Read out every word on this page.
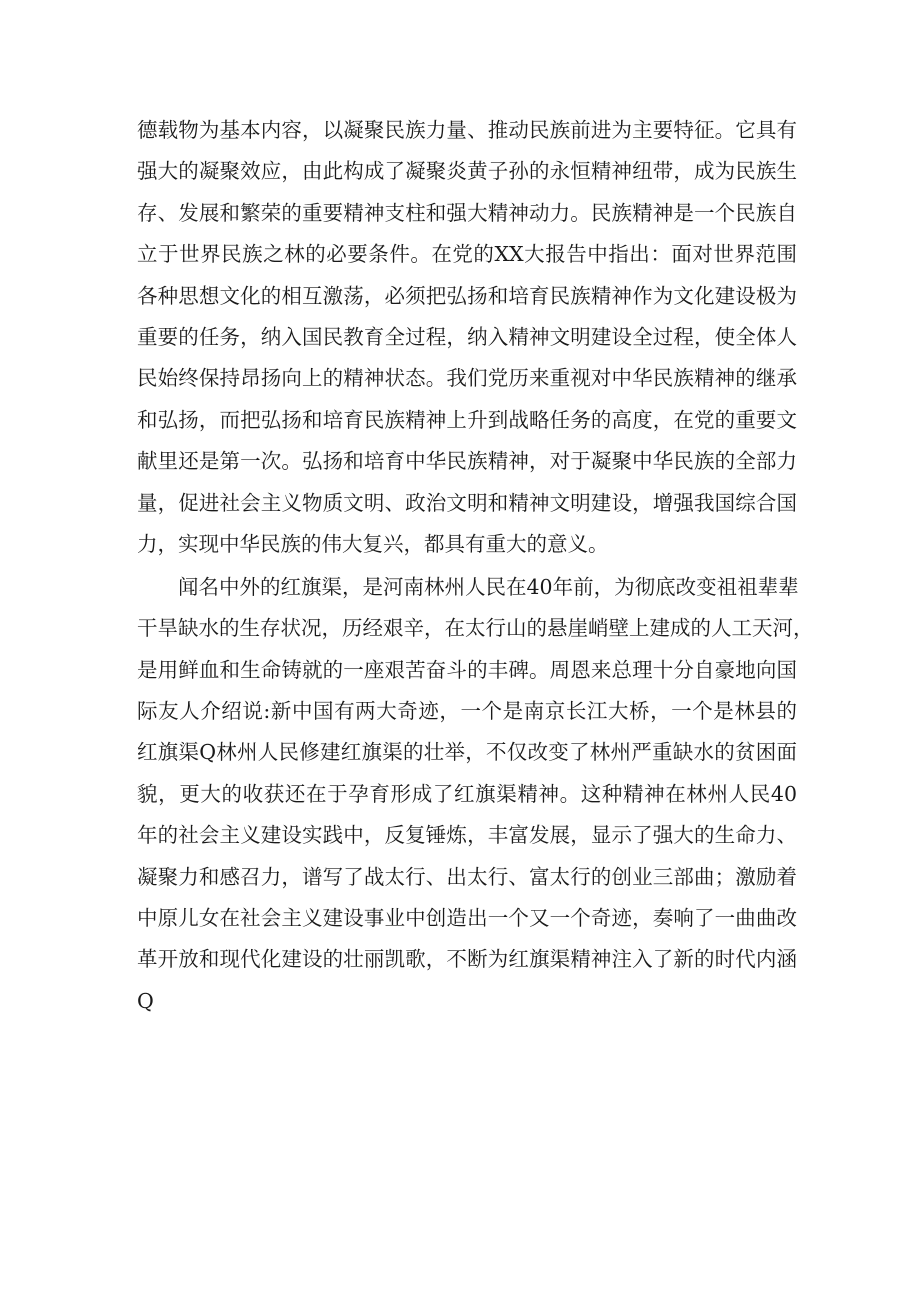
德载物为基本内容，以凝聚民族力量、推动民族前进为主要特征。它具有
强大的凝聚效应，由此构成了凝聚炎黄子孙的永恒精神纽带，成为民族生
存、发展和繁荣的重要精神支柱和强大精神动力。民族精神是一个民族自
立于世界民族之林的必要条件。在党的XX大报告中指出：面对世界范围
各种思想文化的相互激荡，必须把弘扬和培育民族精神作为文化建设极为
重要的任务，纳入国民教育全过程，纳入精神文明建设全过程，使全体人
民始终保持昂扬向上的精神状态。我们党历来重视对中华民族精神的继承
和弘扬，而把弘扬和培育民族精神上升到战略任务的高度，在党的重要文
献里还是第一次。弘扬和培育中华民族精神，对于凝聚中华民族的全部力
量，促进社会主义物质文明、政治文明和精神文明建设，增强我国综合国
力，实现中华民族的伟大复兴，都具有重大的意义。
　　闻名中外的红旗渠，是河南林州人民在40年前，为彻底改变祖祖辈辈
干旱缺水的生存状况，历经艰辛，在太行山的悬崖峭壁上建成的人工天河，
是用鲜血和生命铸就的一座艰苦奋斗的丰碑。周恩来总理十分自豪地向国
际友人介绍说:新中国有两大奇迹，一个是南京长江大桥，一个是林县的
红旗渠Q林州人民修建红旗渠的壮举，不仅改变了林州严重缺水的贫困面
貌，更大的收获还在于孕育形成了红旗渠精神。这种精神在林州人民40
年的社会主义建设实践中，反复锤炼，丰富发展，显示了强大的生命力、
凝聚力和感召力，谱写了战太行、出太行、富太行的创业三部曲；激励着
中原儿女在社会主义建设事业中创造出一个又一个奇迹，奏响了一曲曲改
革开放和现代化建设的壮丽凯歌，不断为红旗渠精神注入了新的时代内涵
Q
